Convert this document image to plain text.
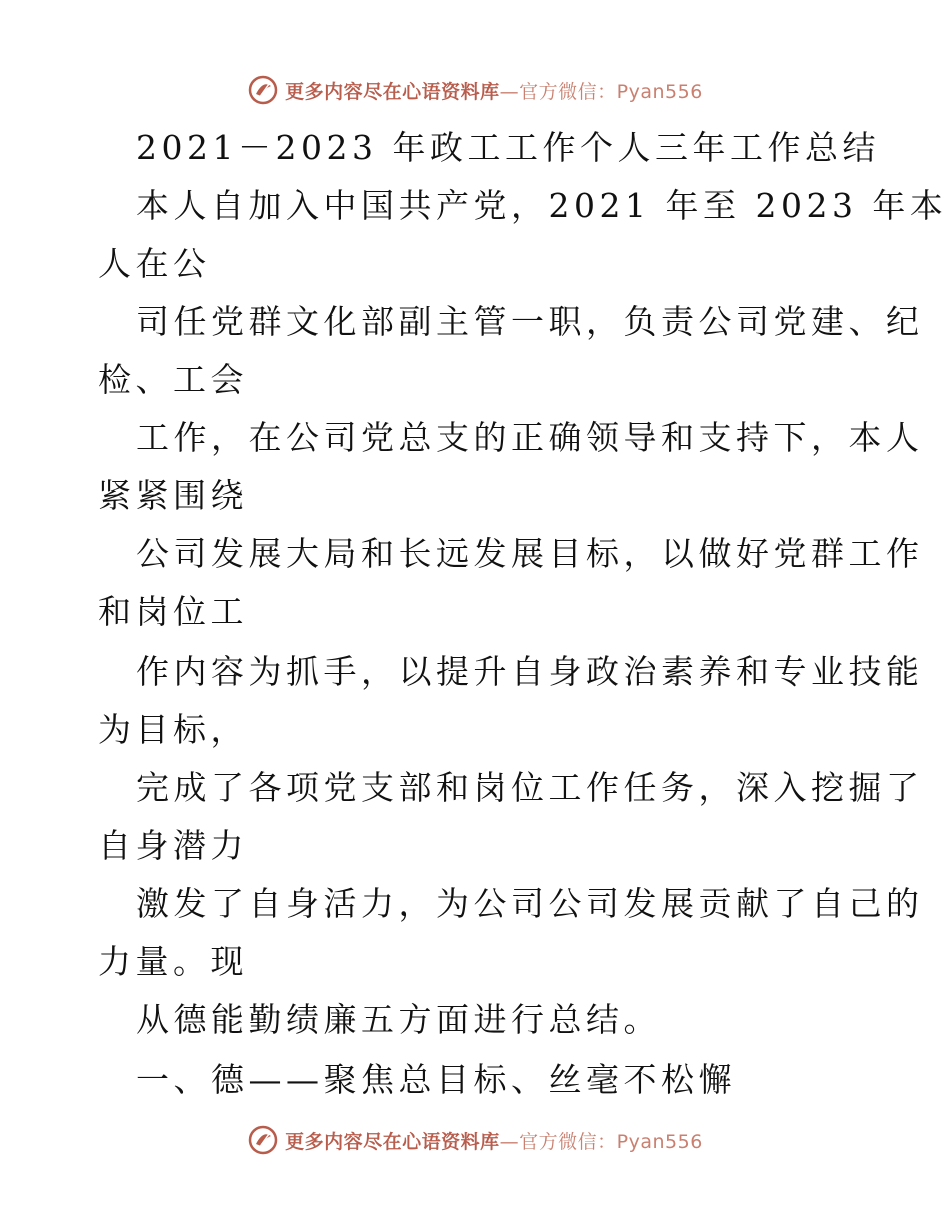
更多内容尽在心语资料库—官方微信：Pyan556
2021－2023 年政工工作个人三年工作总结
本人自加入中国共产党，2021 年至 2023 年本
人在公
司任党群文化部副主管一职，负责公司党建、纪
检、工会
工作，在公司党总支的正确领导和支持下，本人
紧紧围绕
公司发展大局和长远发展目标，以做好党群工作
和岗位工
作内容为抓手，以提升自身政治素养和专业技能
为目标，
完成了各项党支部和岗位工作任务，深入挖掘了
自身潜力
激发了自身活力，为公司公司发展贡献了自己的
力量。现
从德能勤绩廉五方面进行总结。
一、德——聚焦总目标、丝毫不松懈
更多内容尽在心语资料库—官方微信：Pyan556
